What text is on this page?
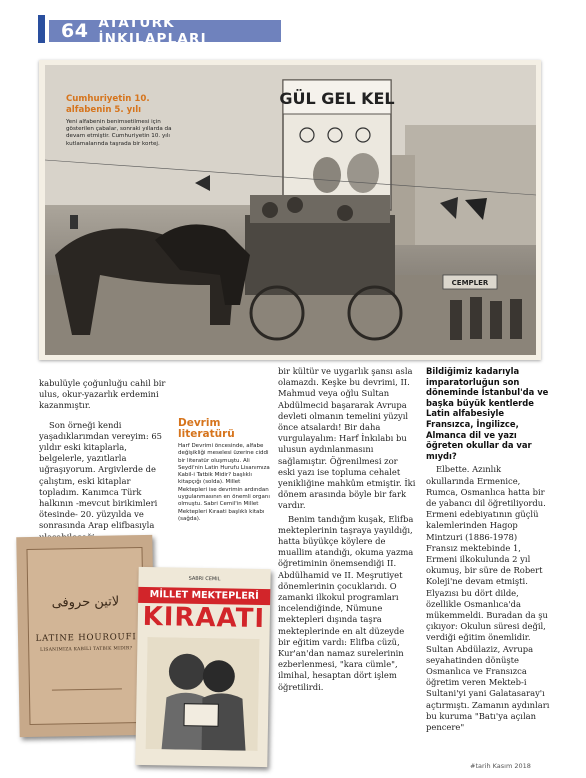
64 ATATÜRK İNKILAPLARI
GÜL GEL KEL
CEMPLER
Cumhuriyetin 10.
alfabenin 5. yılı
Yeni alfabenin benimsetilmesi için gösterilen çabalar, sonraki yıllarda da devam etmiştir. Cumhuriyetin 10. yılı kutlamalarında taşrada bir kortej.

kabulüyle çoğunluğu cahil bir ulus, okur-yazarlık erdemini kazanmıştır.

Son örneği kendi yaşadıklarımdan vereyim: 65 yıldır eski kitaplarla, belgelerle, yazıtlarla uğraşıyorum. Argivlerde de çalıştım, eski kitaplar topladım. Kanımca Türk halkının -mevcut birikimleri ötesinde- 20. yüzyılda ve sonrasında Arap elifbasıyla

Devrim
literatürü
Harf Devrimi öncesinde, alfabe değişikliği meselesi üzerine ciddi bir literatür oluşmuştu. Ali Seydi'nin Latin Hurufu Lisanımıza Kabil-i Tatbik Midir? başlıklı kitapçığı (solda). Millet Mektepleri ise devrimin ardından uygulanmasının en önemli organı olmuştu. Sabri Cemil'in Millet Mektepleri Kıraati başlıklı kitabı (sağda).

bir kültür ve uygarlık şansı asla olamazdı. Keşke bu devrimi, II. Mahmud veya oğlu Sultan Abdülmecid başararak Avrupa devleti olmanın temelini yüzyıl önce atsalardı! Bir daha vurgulayalım: Harf İnkılabı bu ulusun aydınlanmasını sağlamıştır. Öğrenilmesi zor eski yazı ise topluma cehalet yenikliğine mahkûm etmiştir. İki dönem arasında böyle bir fark vardır.

Benim tandığım kuşak, Elifba mekteplerinin taşraya yayıldığı, hatta büyükçe köylere de muallim atandığı, okuma yazma öğretiminin önemsendiği II. Abdülhamid ve II. Meşrutiyet dönemlerinin çocuklarıdı. O zamanki ilkokul programları incelendiğinde, Nümune mektepleri dışında taşra mekteplerinde en alt düzeyde bir eğitim vardı: Elifba cüzü, Kur'an'dan namaz surelerinin ezberlenmesi, "kara cümle", ilmihal, hesaptan dört işlem öğretilirdi.

Bildiğimiz kadarıyla imparatorluğun son döneminde İstanbul'da ve başka büyük kentlerde Latin alfabesiyle Fransızca, İngilizce, Almanca dil ve yazı öğreten okullar da var mıydı?

Elbette. Azınlık okullarında Ermenice, Rumca, Osmanlıca hatta bir de yabancı dil öğretiliyordu. Ermeni edebiyatının güçlü kalemlerinden Hagop Mintzuri (1886-1978) Fransız mektebinde 1, Ermeni ilkokulunda 2 yıl okumuş, bir süre de Robert Koleji'ne devam etmişti. Elyazısı bu dört dilde, özellikle Osmanlıca'da mükemmeldi. Buradan da şu çıkıyor: Okulun süresi değil, verdiği eğitim önemlidir. Sultan Abdülaziz, Avrupa seyahatinden dönüşte Osmanlıca ve Fransızca öğretim veren Mekteb-i Sultani'yi yani Galatasaray'ı açtırmıştı. Zamanın aydınları bu kuruma "Batı'ya açılan pencere"

لاتين حروفى
LATINE HOUROUFI
LISANIMIZA KABILI TATBIK MIDIR?
SABRI CEMIL
MİLLET MEKTEPLERİ
KIRAATI
#tarih Kasım 2018
